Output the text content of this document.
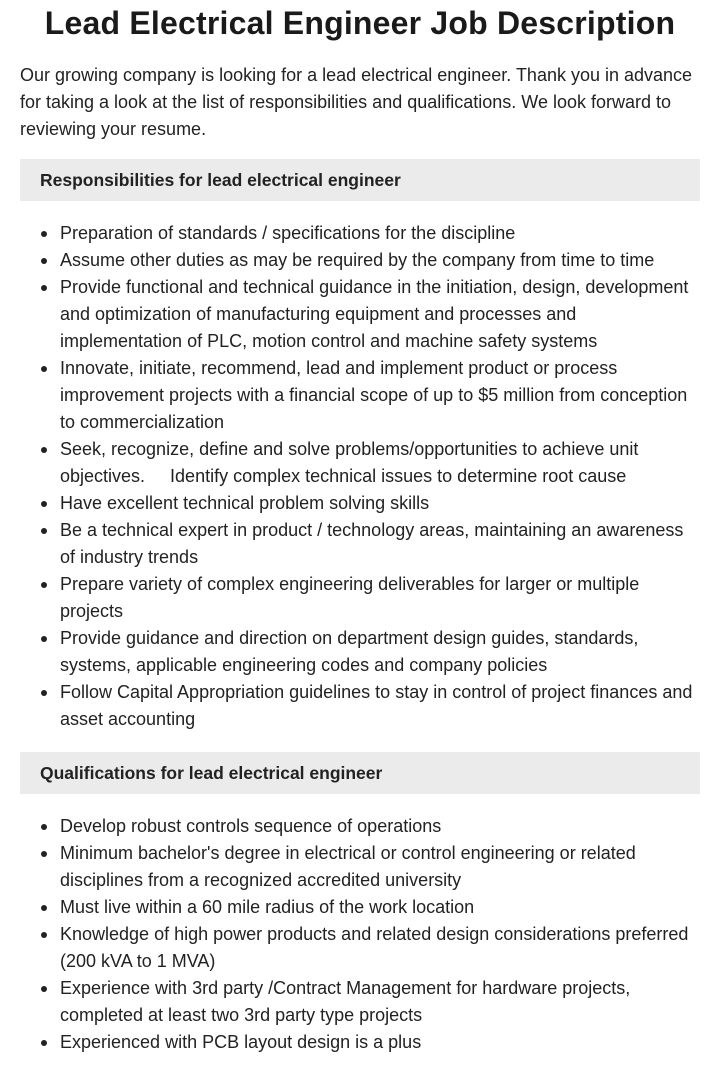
Lead Electrical Engineer Job Description

Our growing company is looking for a lead electrical engineer. Thank you in advance for taking a look at the list of responsibilities and qualifications. We look forward to reviewing your resume.

Responsibilities for lead electrical engineer
Preparation of standards / specifications for the discipline
Assume other duties as may be required by the company from time to time
Provide functional and technical guidance in the initiation, design, development and optimization of manufacturing equipment and processes and implementation of PLC, motion control and machine safety systems
Innovate, initiate, recommend, lead and implement product or process improvement projects with a financial scope of up to $5 million from conception to commercialization
Seek, recognize, define and solve problems/opportunities to achieve unit objectives.     Identify complex technical issues to determine root cause
Have excellent technical problem solving skills
Be a technical expert in product / technology areas, maintaining an awareness of industry trends
Prepare variety of complex engineering deliverables for larger or multiple projects
Provide guidance and direction on department design guides, standards, systems, applicable engineering codes and company policies
Follow Capital Appropriation guidelines to stay in control of project finances and asset accounting
Qualifications for lead electrical engineer
Develop robust controls sequence of operations
Minimum bachelor's degree in electrical or control engineering or related disciplines from a recognized accredited university
Must live within a 60 mile radius of the work location
Knowledge of high power products and related design considerations preferred (200 kVA to 1 MVA)
Experience with 3rd party /Contract Management for hardware projects, completed at least two 3rd party type projects
Experienced with PCB layout design is a plus
